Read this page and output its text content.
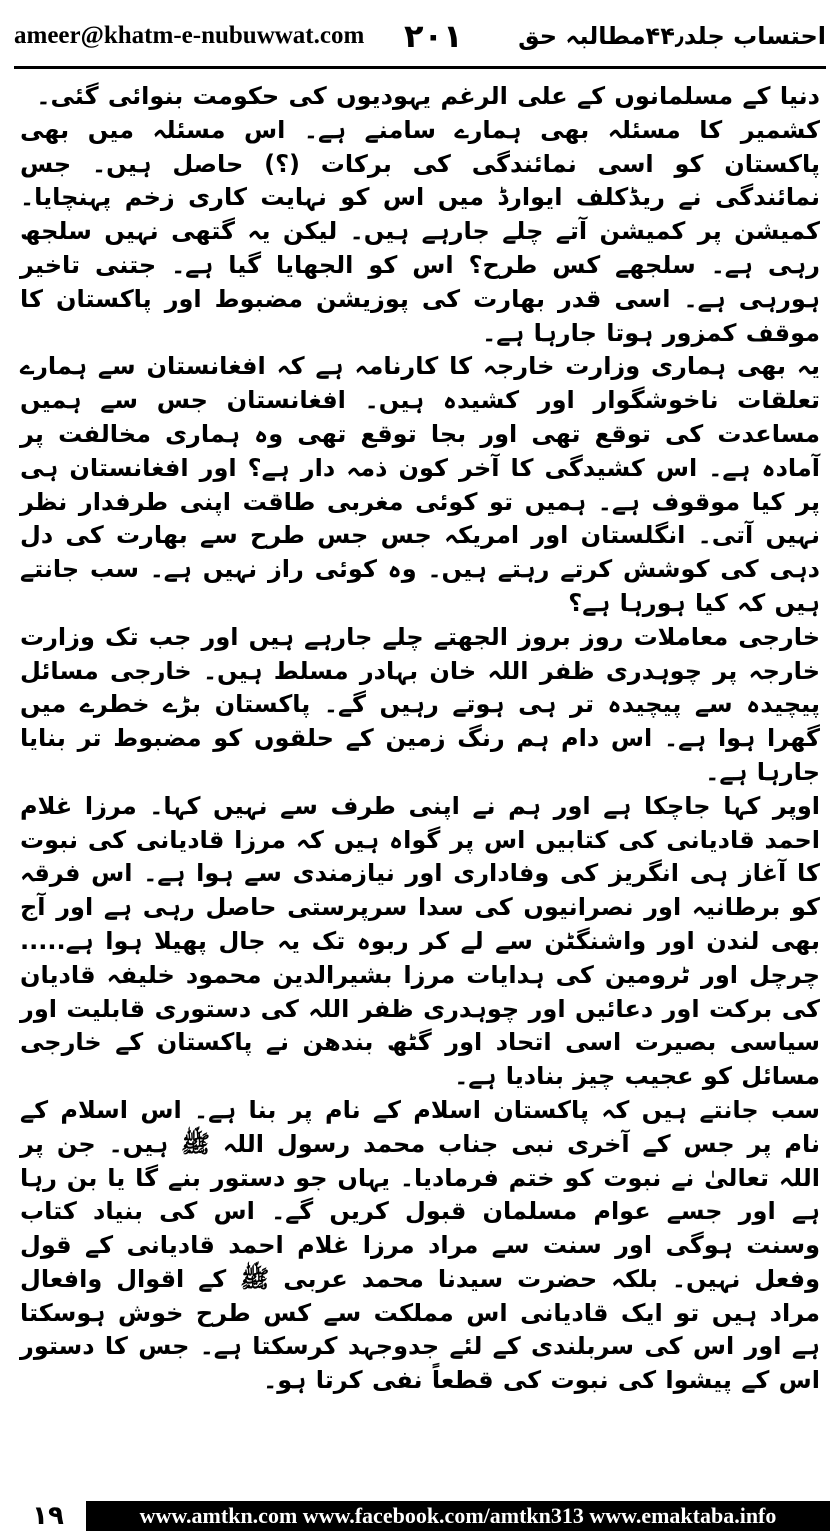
ameer@khatm-e-nubuwwat.com ۲۰۱ احتساب جلد۴۴٫مطالبہ حق

دنیا کے مسلمانوں کے علی الرغم یہودیوں کی حکومت بنوائی گئی۔

کشمیر کا مسئلہ بھی ہمارے سامنے ہے۔ اس مسئلہ میں بھی پاکستان کو اسی نمائندگی کی برکات (؟) حاصل ہیں۔ جس نمائندگی نے ریڈکلف ایوارڈ میں اس کو نہایت کاری زخم پہنچایا۔ کمیشن پر کمیشن آتے چلے جارہے ہیں۔ لیکن یہ گتھی نہیں سلجھ رہی ہے۔ سلجھے کس طرح؟ اس کو الجھایا گیا ہے۔ جتنی تاخیر ہورہی ہے۔ اسی قدر بھارت کی پوزیشن مضبوط اور پاکستان کا موقف کمزور ہوتا جارہا ہے۔

یہ بھی ہماری وزارت خارجہ کا کارنامہ ہے کہ افغانستان سے ہمارے تعلقات ناخوشگوار اور کشیدہ ہیں۔ افغانستان جس سے ہمیں مساعدت کی توقع تھی اور بجا توقع تھی وہ ہماری مخالفت پر آمادہ ہے۔ اس کشیدگی کا آخر کون ذمہ دار ہے؟ اور افغانستان ہی پر کیا موقوف ہے۔ ہمیں تو کوئی مغربی طاقت اپنی طرفدار نظر نہیں آتی۔ انگلستان اور امریکہ جس جس طرح سے بھارت کی دل دہی کی کوشش کرتے رہتے ہیں۔ وہ کوئی راز نہیں ہے۔ سب جانتے ہیں کہ کیا ہورہا ہے؟

خارجی معاملات روز بروز الجھتے چلے جارہے ہیں اور جب تک وزارت خارجہ پر چوہدری ظفر اللہ خان بہادر مسلط ہیں۔ خارجی مسائل پیچیدہ سے پیچیدہ تر ہی ہوتے رہیں گے۔ پاکستان بڑے خطرے میں گھرا ہوا ہے۔ اس دام ہم رنگ زمین کے حلقوں کو مضبوط تر بنایا جارہا ہے۔

اوپر کہا جاچکا ہے اور ہم نے اپنی طرف سے نہیں کہا۔ مرزا غلام احمد قادیانی کی کتابیں اس پر گواہ ہیں کہ مرزا قادیانی کی نبوت کا آغاز ہی انگریز کی وفاداری اور نیازمندی سے ہوا ہے۔ اس فرقہ کو برطانیہ اور نصرانیوں کی سدا سرپرستی حاصل رہی ہے اور آج بھی لندن اور واشنگٹن سے لے کر ربوہ تک یہ جال پھیلا ہوا ہے..... چرچل اور ٹرومین کی ہدایات مرزا بشیرالدین محمود خلیفہ قادیان کی برکت اور دعائیں اور چوہدری ظفر اللہ کی دستوری قابلیت اور سیاسی بصیرت اسی اتحاد اور گٹھ بندھن نے پاکستان کے خارجی مسائل کو عجیب چیز بنادیا ہے۔

سب جانتے ہیں کہ پاکستان اسلام کے نام پر بنا ہے۔ اس اسلام کے نام پر جس کے آخری نبی جناب محمد رسول اللہ ﷺ ہیں۔ جن پر اللہ تعالیٰ نے نبوت کو ختم فرمادیا۔ یہاں جو دستور بنے گا یا بن رہا ہے اور جسے عوام مسلمان قبول کریں گے۔ اس کی بنیاد کتاب وسنت ہوگی اور سنت سے مراد مرزا غلام احمد قادیانی کے قول وفعل نہیں۔ بلکہ حضرت سیدنا محمد عربی ﷺ کے اقوال وافعال مراد ہیں تو ایک قادیانی اس مملکت سے کس طرح خوش ہوسکتا ہے اور اس کی سربلندی کے لئے جدوجہد کرسکتا ہے۔ جس کا دستور اس کے پیشوا کی نبوت کی قطعاً نفی کرتا ہو۔

۱۹	www.amtkn.com www.facebook.com/amtkn313 www.emaktaba.info
